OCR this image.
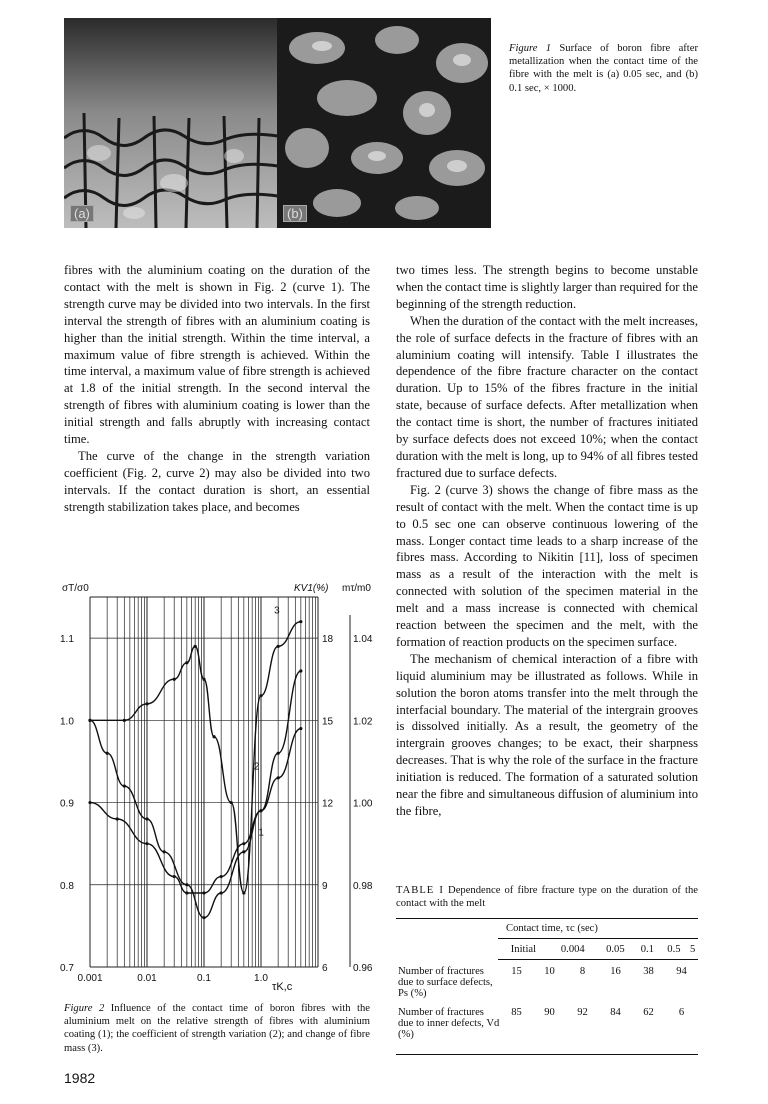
(a)	(b)
Figure 1 Surface of boron fibre after metallization when the contact time of the fibre with the melt is (a) 0.05 sec, and (b) 0.1 sec, × 1000.

fibres with the aluminium coating on the duration of the contact with the melt is shown in Fig. 2 (curve 1). The strength curve may be divided into two intervals. In the first interval the strength of fibres with an aluminium coating is higher than the initial strength. Within the time interval, a maximum value of fibre strength is achieved. Within the time interval, a maximum value of fibre strength is achieved at 1.8 of the initial strength. In the second interval the strength of fibres with aluminium coating is lower than the initial strength and falls abruptly with increasing contact time.

The curve of the change in the strength variation coefficient (Fig. 2, curve 2) may also be divided into two intervals. If the contact duration is short, an essential strength stabilization takes place, and becomes

two times less. The strength begins to become unstable when the contact time is slightly larger than required for the beginning of the strength reduction.

When the duration of the contact with the melt increases, the role of surface defects in the fracture of fibres with an aluminium coating will intensify. Table I illustrates the dependence of the fibre fracture character on the contact duration. Up to 15% of the fibres fracture in the initial state, because of surface defects. After metallization when the contact time is short, the number of fractures initiated by surface defects does not exceed 10%; when the contact duration with the melt is long, up to 94% of all fibres tested fractured due to surface defects.

Fig. 2 (curve 3) shows the change of fibre mass as the result of contact with the melt. When the contact time is up to 0.5 sec one can observe continuous lowering of the mass. Longer contact time leads to a sharp increase of the fibres mass. According to Nikitin [11], loss of specimen mass as a result of the interaction with the melt is connected with solution of the specimen material in the melt and a mass increase is connected with chemical reaction between the specimen and the melt, with the formation of reaction products on the specimen surface.

The mechanism of chemical interaction of a fibre with liquid aluminium may be illustrated as follows. While in solution the boron atoms transfer into the melt through the interfacial boundary. The material of the intergrain grooves is dissolved initially. As a result, the geometry of the intergrain grooves changes; to be exact, their sharpness decreases. That is why the role of the surface in the fracture initiation is reduced. The formation of a saturated solution near the fibre and simultaneous diffusion of aluminium into the fibre,

σT/σ0	KV1(%) mτ/m0
τK,c
0.7
0.8
0.9
1.0
1.1
6
9
12
15
18
0.96
0.98
1.00
1.02
1.04
0.001	0.01	0.1	1.0
1
2
3
Figure 2 Influence of the contact time of boron fibres with the aluminium melt on the relative strength of fibres with aluminium coating (1); the coefficient of strength variation (2); and change of fibre mass (3).
TABLE I Dependence of fibre fracture type on the duration of the contact with the melt
	Contact time, τc (sec)					
	Initial	0.004	0.05	0.1	0.5	5
Number of fractures due to surface defects, Ps (%)	15	10	8	16	38	94
Number of fractures due to inner defects, Vd (%)	85	90	92	84	62	6
1982
